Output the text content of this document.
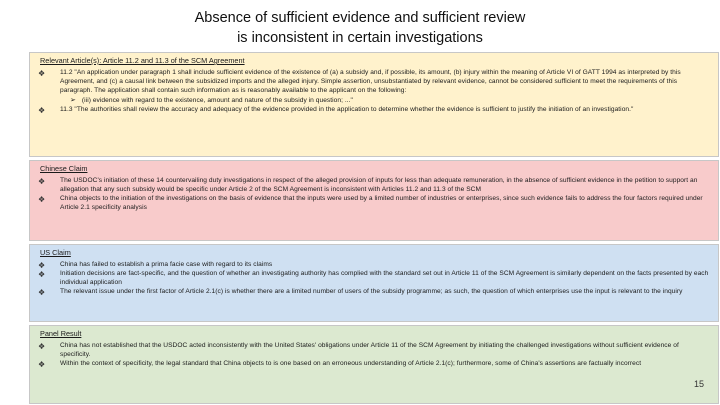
Absence of sufficient evidence and sufficient review
is inconsistent in certain investigations
Relevant Article(s): Article 11.2 and 11.3 of the SCM Agreement
❖	11.2 "An application under paragraph 1 shall include sufficient evidence of the existence of (a) a subsidy and, if possible, its amount, (b) injury within the meaning of Article VI of GATT 1994 as interpreted by this Agreement, and (c) a causal link between the subsidized imports and the alleged injury. Simple assertion, unsubstantiated by relevant evidence, cannot be considered sufficient to meet the requirements of this paragraph. The application shall contain such information as is reasonably available to the applicant on the following:
➢ (iii) evidence with regard to the existence, amount and nature of the subsidy in question; ..."
❖	11.3 "The authorities shall review the accuracy and adequacy of the evidence provided in the application to determine whether the evidence is sufficient to justify the initiation of an investigation."
Chinese Claim
❖	The USDOC's initiation of these 14 countervailing duty investigations in respect of the alleged provision of inputs for less than adequate remuneration, in the absence of sufficient evidence in the petition to support an allegation that any such subsidy would be specific under Article 2 of the SCM Agreement is inconsistent with Articles 11.2 and 11.3 of the SCM
❖	China objects to the initiation of the investigations on the basis of evidence that the inputs were used by a limited number of industries or enterprises, since such evidence fails to address the four factors required under Article 2.1 specificity analysis
US Claim
❖	China has failed to establish a prima facie case with regard to its claims
❖	Initiation decisions are fact-specific, and the question of whether an investigating authority has complied with the standard set out in Article 11 of the SCM Agreement is similarly dependent on the facts presented by each individual application
❖	The relevant issue under the first factor of Article 2.1(c) is whether there are a limited number of users of the subsidy programme; as such, the question of which enterprises use the input is relevant to the inquiry
Panel Result
❖	China has not established that the USDOC acted inconsistently with the United States' obligations under Article 11 of the SCM Agreement by initiating the challenged investigations without sufficient evidence of specificity.
❖	Within the context of specificity, the legal standard that China objects to is one based on an erroneous understanding of Article 2.1(c); furthermore, some of China's assertions are factually incorrect
15
